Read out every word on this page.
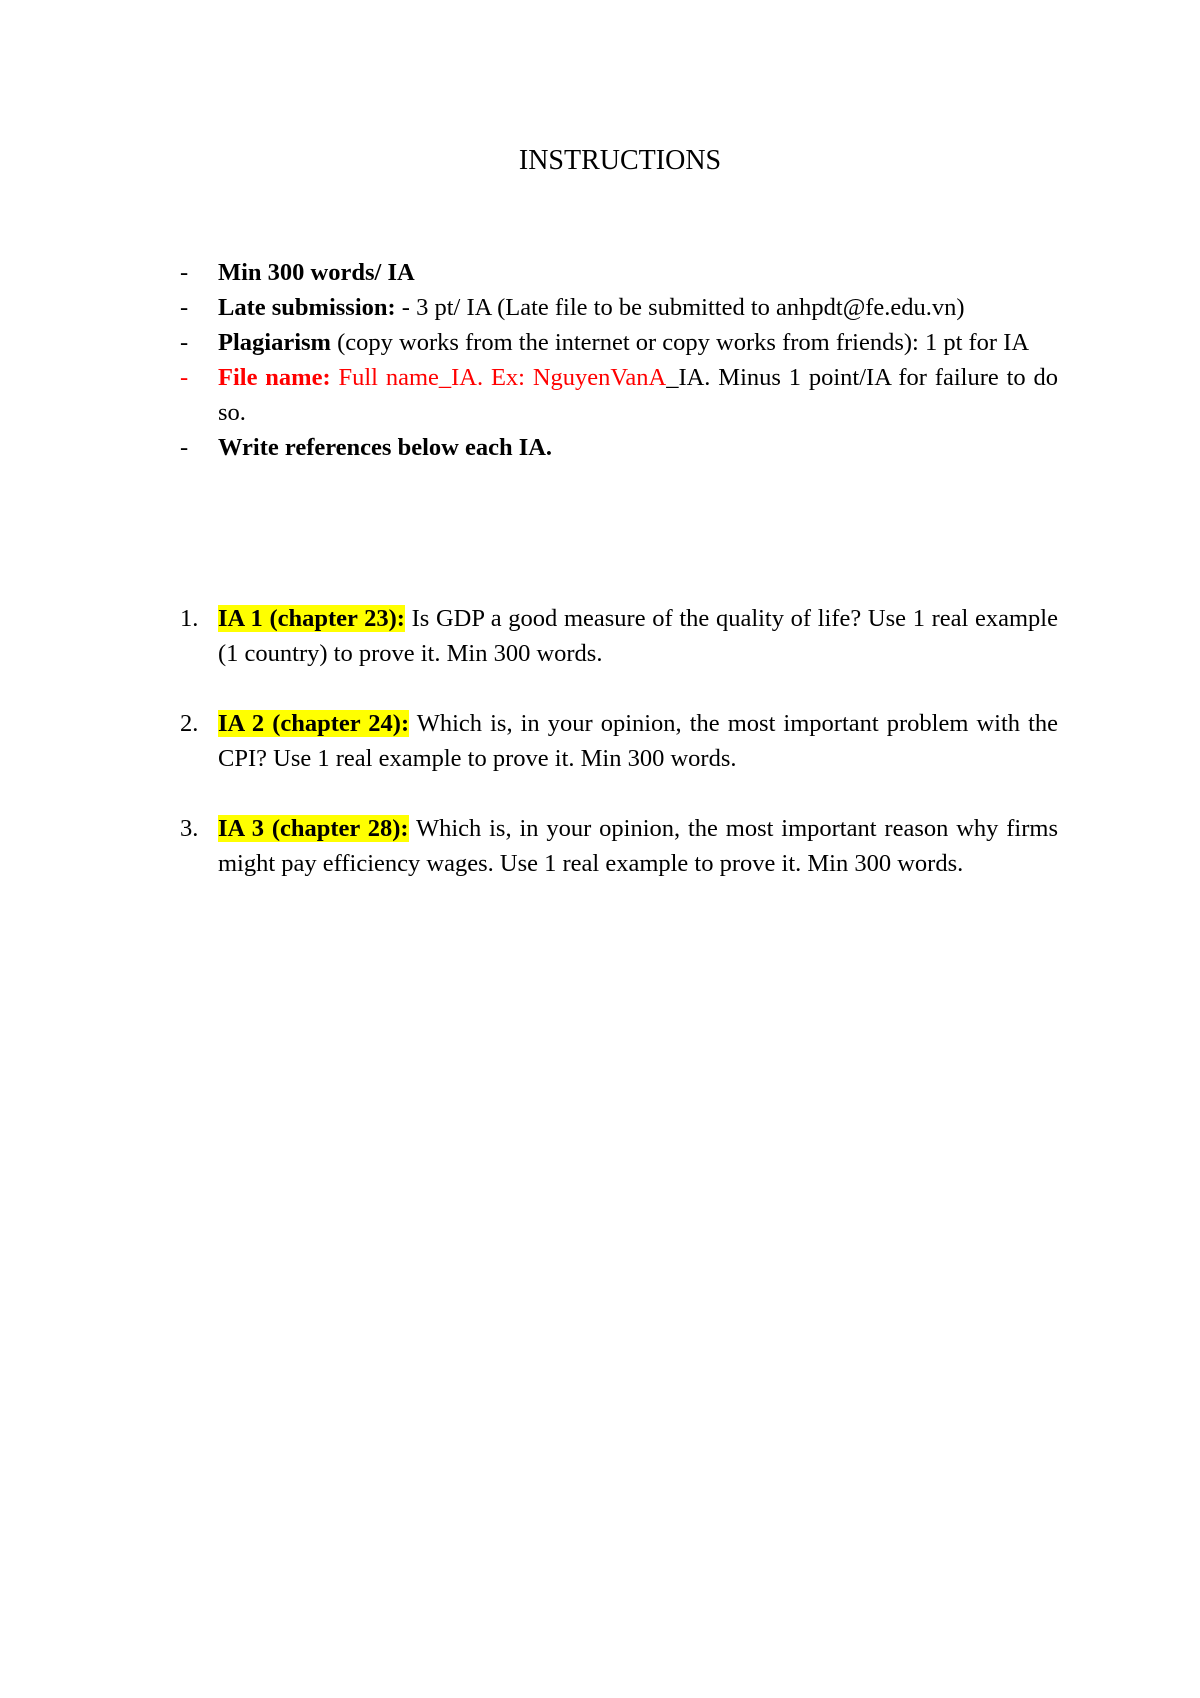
INSTRUCTIONS
- Min 300 words/ IA
- Late submission: - 3 pt/ IA (Late file to be submitted to anhpdt@fe.edu.vn)
- Plagiarism (copy works from the internet or copy works from friends): 1 pt for IA
- File name: Full name_IA. Ex: NguyenVanA_IA. Minus 1 point/IA for failure to do so.
- Write references below each IA.
1. IA 1 (chapter 23): Is GDP a good measure of the quality of life? Use 1 real example (1 country) to prove it. Min 300 words.
2. IA 2 (chapter 24): Which is, in your opinion, the most important problem with the CPI? Use 1 real example to prove it. Min 300 words.
3. IA 3 (chapter 28): Which is, in your opinion, the most important reason why firms might pay efficiency wages. Use 1 real example to prove it. Min 300 words.
